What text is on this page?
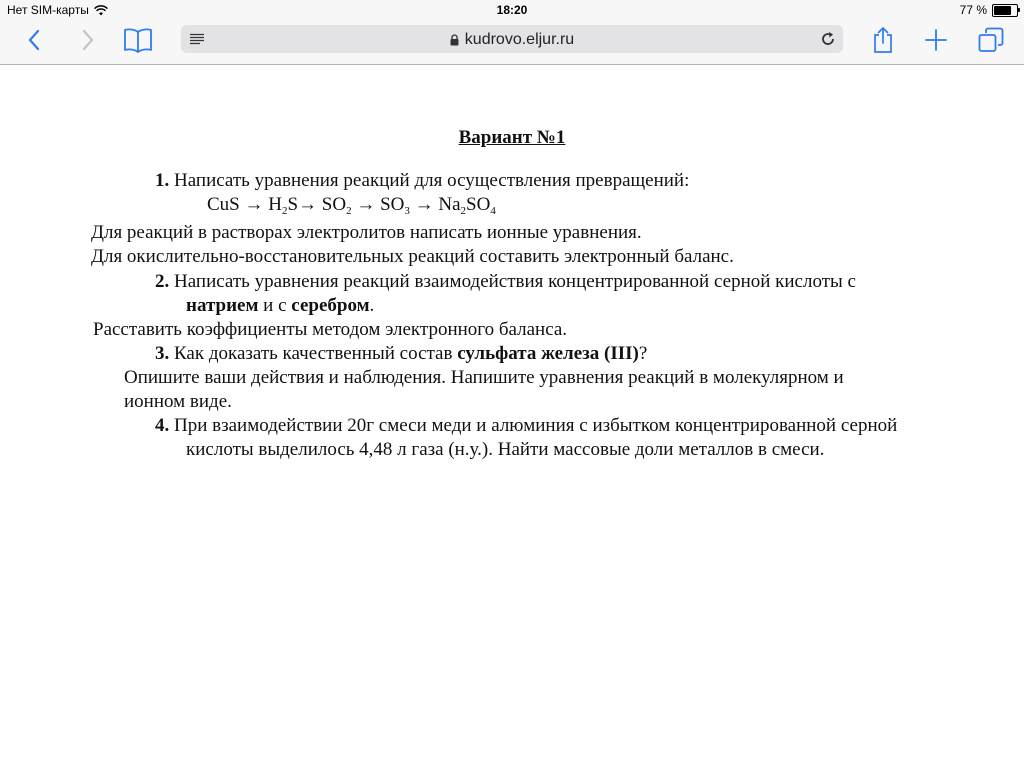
Нет SIM-карты	18:20	77 %
kudrovo.eljur.ru
Вариант №1
1. Написать уравнения реакций для осуществления превращений:
CuS → $H_2S\to SO_2 \to SO_3 \to Na_2SO_4$
Для реакций в растворах электролитов написать ионные уравнения.
Для окислительно-восстановительных реакций составить электронный баланс.
2. Написать уравнения реакций взаимодействия концентрированной серной кислоты с
натрием и с серебром.
Расставить коэффициенты методом электронного баланса.
3. Как доказать качественный состав сульфата железа (III)?
Опишите ваши действия и наблюдения. Напишите уравнения реакций в молекулярном и
ионном виде.
4. При взаимодействии 20г смеси меди и алюминия с избытком концентрированной серной
кислоты выделилось 4,48 л газа (н.у.). Найти массовые доли металлов в смеси.
